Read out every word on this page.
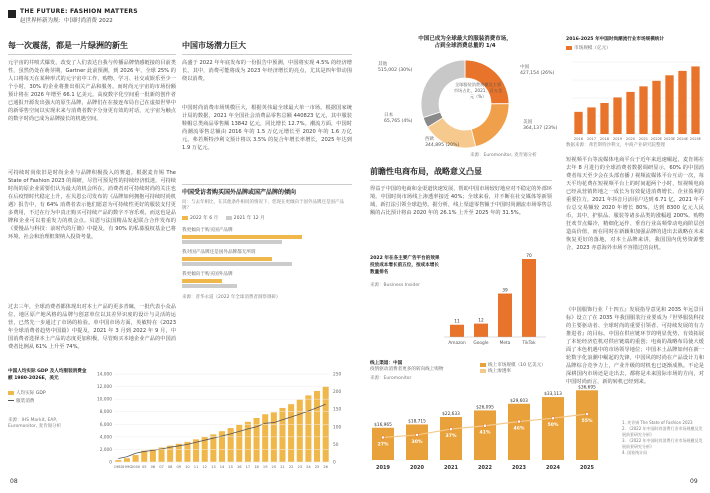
THE FUTURE: FASHION MATTERS
赵世界杯新为规：中国时尚消费 2022
每一次震荡，都是一片绿洲的新生

元宇宙的井喷式爆发，改变了人们表达自我与传播品牌情感链接的目前类性，虽然仍处在萌芽期，Gartner 此前预测，到 2026 年，全球 25% 的人口将每天在某种形式的元宇宙中工作、购物、学习、社交或娱乐至少一个小时，30% 的企业将推出相关产品和服务。而时尚元宇宙的市场份额预计将在 2026 年增至 66.1 亿美元。高度数字化空间重一批新的创作者已通报开源发出强大的原生品牌，品牌们在在接连布局自己在虚拟世界中的新零售空间以实现未来与消费者数字分身更有效的对话，元宇宙为触点的数字时尚已成为品牌接长的机遇空间。

可持续时尚依旧是时尚企业与品牌积极投入的赛道。根据麦肯锡 The State of Fashion 2023 的调研，尽管可预见性的持续经济低迷，可持续时尚的原企业需要们认为最大的机会所在。消费者对可持续时尚的关注也在后疫情时代稳定上升，在贝恩公司发布的《品牌如何拥抱可持续时尚机遇》报告中，有 64% 消费者表示他们愿意为可持续性更好的服装支付更多费用，不过在行为中真正购买可持续产品的数字不容乐观，而这也是品牌和企业可以着重发力的机会点。贝恩与法国精品发起联合合作发布的《要慢品与科技：前时代的厅籍》中提及，有 90% 的私募股权基金已将环境、社会和治理框架纳入投资考量。

过去三年，全球消费者都体现出对本土产品的更多青睐，一批代表小众品位、地区原产地风格的品牌与创意单位以其差异识度的设计与灵活的运营，已然先一步通过了市场的检验。单中国市场方面，英敏特在《2023 年全球消费者趋势中国篇》中提及，2021 年 3 月到 2022 年 9 月，中国消费者选择本土产品的态度更加积极，尽管购买本地企业产品的中国消费者比例从 61% 上升至 74%。

中国人均实际 GDP 及人均服装消费金额 1980-2026E，美元
人均实际 GDP
服装消费
来源：IHS Markit, EAP, Euromonitor, 麦肯锡分析
14,000
12,000
10,000
8,000
6,000
4,000
2,000
0
250
200
150
100
50
0
1980 1990 2000 05 06 07 08 09 10 11 12 13 14 15 16 17 18 19 20 21 22 23 24 25 26
08
中国市场潜力巨大

高盛于 2022 年年底发布的一份报告中预测，中国将实现 4.5% 的经济增长，其中，消费可能将成为 2023 年经济增长的亮点，尤其是四年带动围绕以消费。

中国时尚消费市场规模巨大，根据英伟最全球最大单一市场。根据国家统计局的数据，2021 年全国社会消费品零售总额 440823 亿元，其中服装鞋帽总类商品零售额 13842 亿元，同比增长 12.7%。潮流方面，中国时尚潮流零售总额由 2016 年的 1.5 万亿元增长至 2020 年的 1.6 万亿元。弗若斯特沙利文预计将以 3.5% 的复合年增长率增长，2025 年达到 1.9 万亿元。

中国受访者购买国外品牌或国产品牌的倾向
问：与去年相比，在其他条件相同的情况下，您现在更倾向于国外品牌还是国产品牌？
2022 年 6 月	2021 年 12 月
我更倾向于购买国产品牌
我对国产品牌还是国外品牌都无所谓
我更倾向于购买国外品牌
来源：普华永道《2022 年全球消费者洞察调研》
中国已成为全球最大的服装消费市场，
占到全球消费总量的 1/4
全球服装消费规模及主要市场占比，2021，百万美元（%）
其他
515,002 (30%)
中国
427,154 (26%)
美国
364,137 (23%)
西欧
344,895 (20%)
日本
65,765 (4%)
来源：Euromonitor, 麦肯锡分析
前瞻性电商布局，战略意义凸显

得益于中国的电商和金渠道快速发展，帮助中国市场较好地应对不稳定的外部环境。中国时尚市场线上渗透率接近 40%；全球来看，并不断在社交媒体等新领域，新打法引领全球趋势。据分析，线上渠道零售额于中国时尚潮流市场零售总额的占比预计将由 2020 年的 26.1% 上升至 2025 年的 31.5%。

2022 年在各主要广告平台的效果投放成本增长前五位，按成本增长数量排名
来源：Business Insider
11
Amazon
12
Google
39
Meta
70
TikTok
2016-2025 年中国时尚潮流行业市场规模统计
市场规模（亿元）
2016 2017 2018 2019 2020 2021 2022E 2023E 2024E 2025E
数据来源：弗若斯特沙利文，中商产业研究院整理

短视频平台等流媒体电商平台于近年来迅速崛起，麦肯锡在去年 8 月进行的全球消费者数据调研显示，60% 的中国消费者每天至少会在头部直播 / 视频流媒体平台互动一次，每天平均花费在短视频平台上的时间超两个小时，短视频电商已经从营销阵地之一成长为有效促进消费增长、企业盈利的重要拉力。2021 年抖音月活用户达到 6.71 亿，2021 年平台总交易额较 2020 年增长 80%，达到 8300 亿元人民币，其中，护肤品、服装等诸多品类的涨幅超 200%。购物狂欢节点爆冷，精细化运作、垂直行业高频带动电商阶层创造高价值，而在同时在新颖和加强品牌的进出去战略在未来恢复更好的落地，对本土品牌来讲，我国国内优势资源整合，2023 亦意海外市场不容错过的良机。

《中国服饰行业『十四五』发展指导意见和 2035 年远景目标》设立了在 2035 年我国服装行业要成为『世界服装科技的主要驱动者、全球时尚的重要引领者、可持续发展的有力推进者』的目标。中国在供应链环节的明显优势，有效拓展了本轮经济危机对供应链端的重创；电商的战略布局使大缓面了本色机遇中的市场领导地位；中国本土品牌如何在新一轮数字化浪潮中崛起的先锋，中国风的时尚在产品设计力和品牌综合竞争力上，产业升级的时机也已逐渐成熟。不论是深耕国内市场还是走出去，都将是未来国际市场的方向，对中国时尚而言，新的转机已经到来。

线上渠道：中国
疫情驱动消费者更多的转向线上购物
来源：Euromonitor
线上市场规模（10 亿美元）
线上渗透率
$16,965
27%
2019
$18,715
30%
2020
$22,633
37%
2021
$26,095
41%
2022
$29,603
46%
2023
$33,113
50%
2024
$36,695
55%
2025
1. 麦肯锡 The State of Fashion 2023
2. 《2022 年中国时尚消费行业市场规模及发展前景研究分析》
3. 《2022 年中国时尚消费行业市场规模及发展前景研究分析》
4. 国家统计局
09
